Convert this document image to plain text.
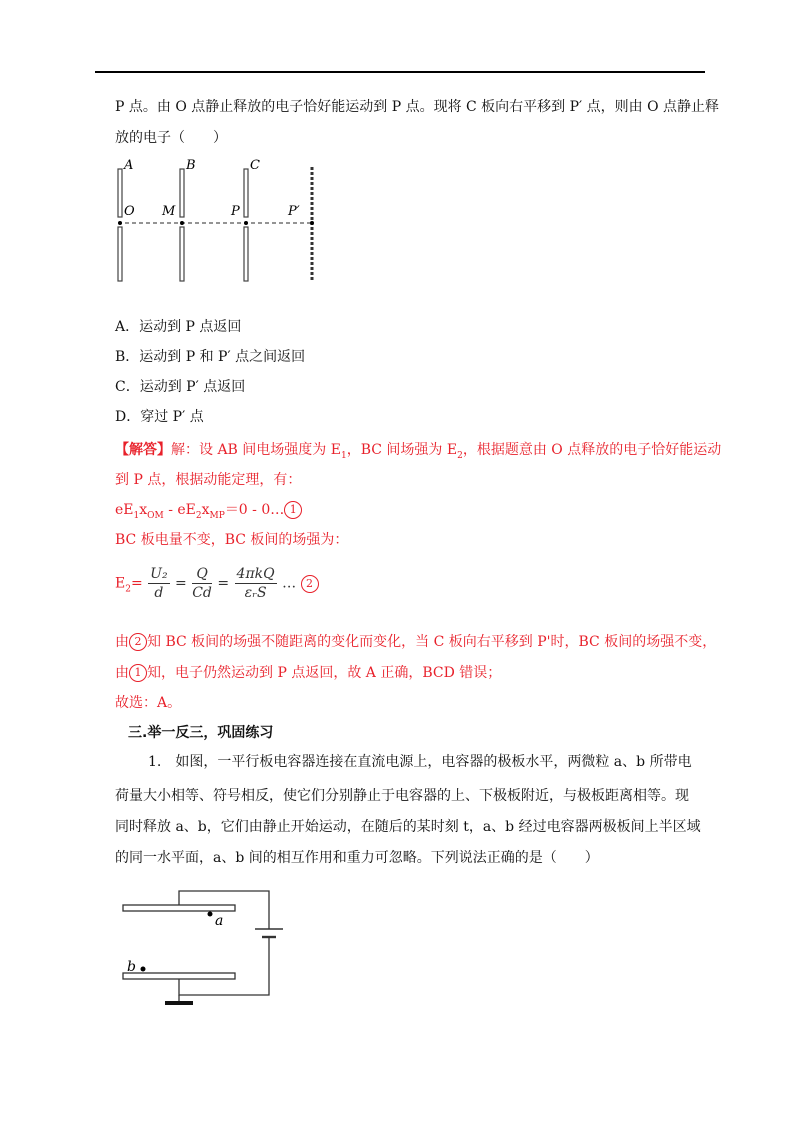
P 点。由 O 点静止释放的电子恰好能运动到 P 点。现将 C 板向右平移到 P′ 点，则由 O 点静止释
放的电子（　　）
A	B	C
O M	P	P′
A．运动到 P 点返回
B．运动到 P 和 P′ 点之间返回
C．运动到 P′ 点返回
D．穿过 P′ 点
【解答】解：设 AB 间电场强度为 $E_1$，BC 间场强为 $E_2$，根据题意由 O 点释放的电子恰好能运动
到 P 点，根据动能定理，有：
$eE_1x_{OM} - eE_2x_{MP}=0$ - 0… 1
BC 板电量不变，BC 板间的场强为：
$E_2= \frac{\text{U₂}}{d} = \frac{Q}{Cd} = \frac{\text{4πkQ}}{\text{εᵣS}}$ … 2
由 2 知 BC 板间的场强不随距离的变化而变化，当 C 板向右平移到 P'时，BC 板间的场强不变，
由 1 知，电子仍然运动到 P 点返回，故 A 正确，BCD 错误；
故选：A。
三.举一反三，巩固练习
1.　如图，一平行板电容器连接在直流电源上，电容器的极板水平，两微粒 a、b 所带电
荷量大小相等、符号相反，使它们分别静止于电容器的上、下极板附近，与极板距离相等。现
同时释放 a、b，它们由静止开始运动，在随后的某时刻 t，a、b 经过电容器两极板间上半区域
的同一水平面，a、b 间的相互作用和重力可忽略。下列说法正确的是（　　）
a
b
